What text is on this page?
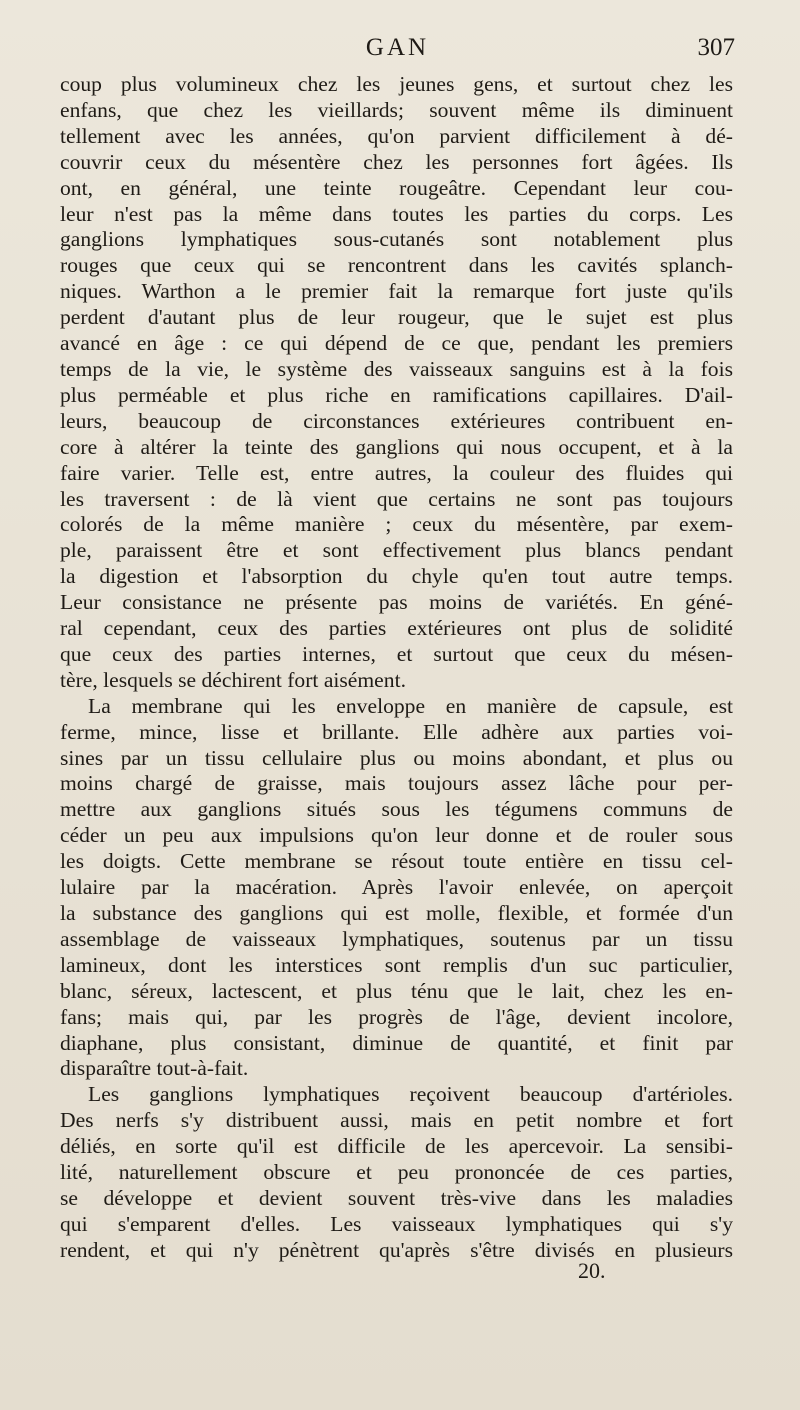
GAN	307

coup plus volumineux chez les jeunes gens, et surtout chez les
enfans, que chez les vieillards; souvent même ils diminuent
tellement avec les années, qu'on parvient difficilement à dé-
couvrir ceux du mésentère chez les personnes fort âgées. Ils
ont, en général, une teinte rougeâtre. Cependant leur cou-
leur n'est pas la même dans toutes les parties du corps. Les
ganglions lymphatiques sous-cutanés sont notablement plus
rouges que ceux qui se rencontrent dans les cavités splanch-
niques. Warthon a le premier fait la remarque fort juste qu'ils
perdent d'autant plus de leur rougeur, que le sujet est plus
avancé en âge : ce qui dépend de ce que, pendant les premiers
temps de la vie, le système des vaisseaux sanguins est à la fois
plus perméable et plus riche en ramifications capillaires. D'ail-
leurs, beaucoup de circonstances extérieures contribuent en-
core à altérer la teinte des ganglions qui nous occupent, et à la
faire varier. Telle est, entre autres, la couleur des fluides qui
les traversent : de là vient que certains ne sont pas toujours
colorés de la même manière ; ceux du mésentère, par exem-
ple, paraissent être et sont effectivement plus blancs pendant
la digestion et l'absorption du chyle qu'en tout autre temps.
Leur consistance ne présente pas moins de variétés. En géné-
ral cependant, ceux des parties extérieures ont plus de solidité
que ceux des parties internes, et surtout que ceux du mésen-
tère, lesquels se déchirent fort aisément.

La membrane qui les enveloppe en manière de capsule, est
ferme, mince, lisse et brillante. Elle adhère aux parties voi-
sines par un tissu cellulaire plus ou moins abondant, et plus ou
moins chargé de graisse, mais toujours assez lâche pour per-
mettre aux ganglions situés sous les tégumens communs de
céder un peu aux impulsions qu'on leur donne et de rouler sous
les doigts. Cette membrane se résout toute entière en tissu cel-
lulaire par la macération. Après l'avoir enlevée, on aperçoit
la substance des ganglions qui est molle, flexible, et formée d'un
assemblage de vaisseaux lymphatiques, soutenus par un tissu
lamineux, dont les interstices sont remplis d'un suc particulier,
blanc, séreux, lactescent, et plus ténu que le lait, chez les en-
fans; mais qui, par les progrès de l'âge, devient incolore,
diaphane, plus consistant, diminue de quantité, et finit par
disparaître tout-à-fait.

Les ganglions lymphatiques reçoivent beaucoup d'artérioles.
Des nerfs s'y distribuent aussi, mais en petit nombre et fort
déliés, en sorte qu'il est difficile de les apercevoir. La sensibi-
lité, naturellement obscure et peu prononcée de ces parties,
se développe et devient souvent très-vive dans les maladies
qui s'emparent d'elles. Les vaisseaux lymphatiques qui s'y
rendent, et qui n'y pénètrent qu'après s'être divisés en plusieurs

20.
